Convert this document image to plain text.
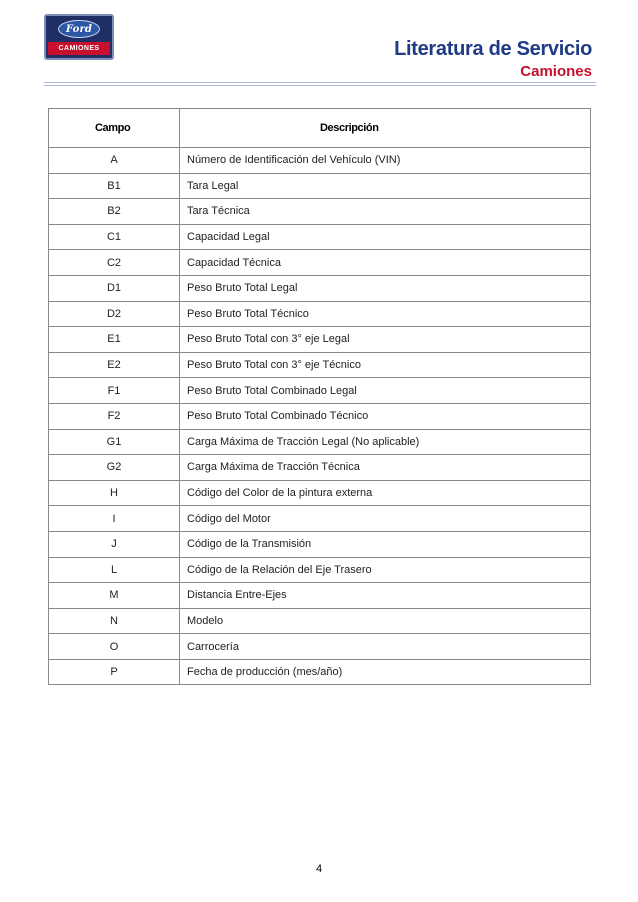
Ford
CAMIONES	Literatura de Servicio
Camiones
Campo	Descripción
A	Número de Identificación del Vehículo (VIN)
B1	Tara Legal
B2	Tara Técnica
C1	Capacidad Legal
C2	Capacidad Técnica
D1	Peso Bruto Total Legal
D2	Peso Bruto Total Técnico
E1	Peso Bruto Total con 3° eje Legal
E2	Peso Bruto Total con 3° eje Técnico
F1	Peso Bruto Total Combinado Legal
F2	Peso Bruto Total Combinado Técnico
G1	Carga Máxima de Tracción Legal (No aplicable)
G2	Carga Máxima de Tracción Técnica
H	Código del Color de la pintura externa
I	Código del Motor
J	Código de la Transmisión
L	Código de la Relación del Eje Trasero
M	Distancia Entre-Ejes
N	Modelo
O	Carrocería
P	Fecha de producción (mes/año)
4
